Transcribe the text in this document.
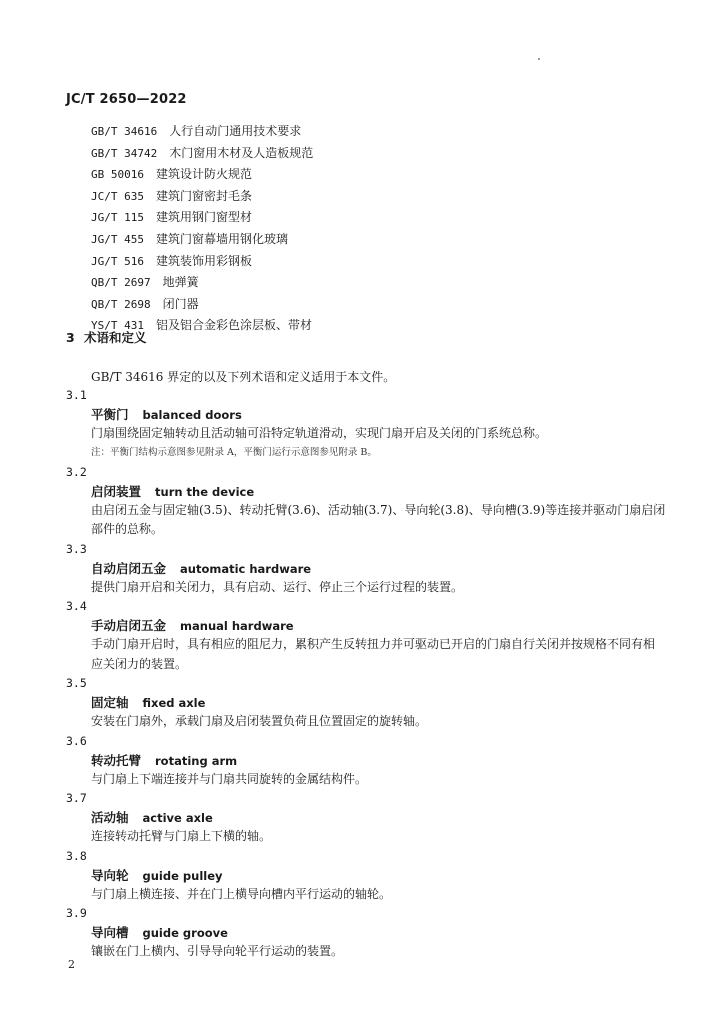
JC/T 2650—2022
GB/T 34616 人行自动门通用技术要求
GB/T 34742 木门窗用木材及人造板规范
GB 50016 建筑设计防火规范
JC/T 635 建筑门窗密封毛条
JG/T 115 建筑用钢门窗型材
JG/T 455 建筑门窗幕墙用钢化玻璃
JG/T 516 建筑装饰用彩钢板
QB/T 2697 地弹簧
QB/T 2698 闭门器
YS/T 431 铝及铝合金彩色涂层板、带材
3 术语和定义
GB/T 34616 界定的以及下列术语和定义适用于本文件。
3.1
平衡门 balanced doors
门扇围绕固定轴转动且活动轴可沿特定轨道滑动，实现门扇开启及关闭的门系统总称。
注：平衡门结构示意图参见附录 A，平衡门运行示意图参见附录 B。
3.2
启闭装置 turn the device
由启闭五金与固定轴(3.5)、转动托臂(3.6)、活动轴(3.7)、导向轮(3.8)、导向槽(3.9)等连接并驱动门扇启闭部件的总称。
3.3
自动启闭五金 automatic hardware
提供门扇开启和关闭力，具有启动、运行、停止三个运行过程的装置。
3.4
手动启闭五金 manual hardware
手动门扇开启时，具有相应的阻尼力，累积产生反转扭力并可驱动已开启的门扇自行关闭并按规格不同有相应关闭力的装置。
3.5
固定轴 fixed axle
安装在门扇外，承载门扇及启闭装置负荷且位置固定的旋转轴。
3.6
转动托臂 rotating arm
与门扇上下端连接并与门扇共同旋转的金属结构件。
3.7
活动轴 active axle
连接转动托臂与门扇上下横的轴。
3.8
导向轮 guide pulley
与门扇上横连接、并在门上横导向槽内平行运动的轴轮。
3.9
导向槽 guide groove
镶嵌在门上横内、引导导向轮平行运动的装置。
2
